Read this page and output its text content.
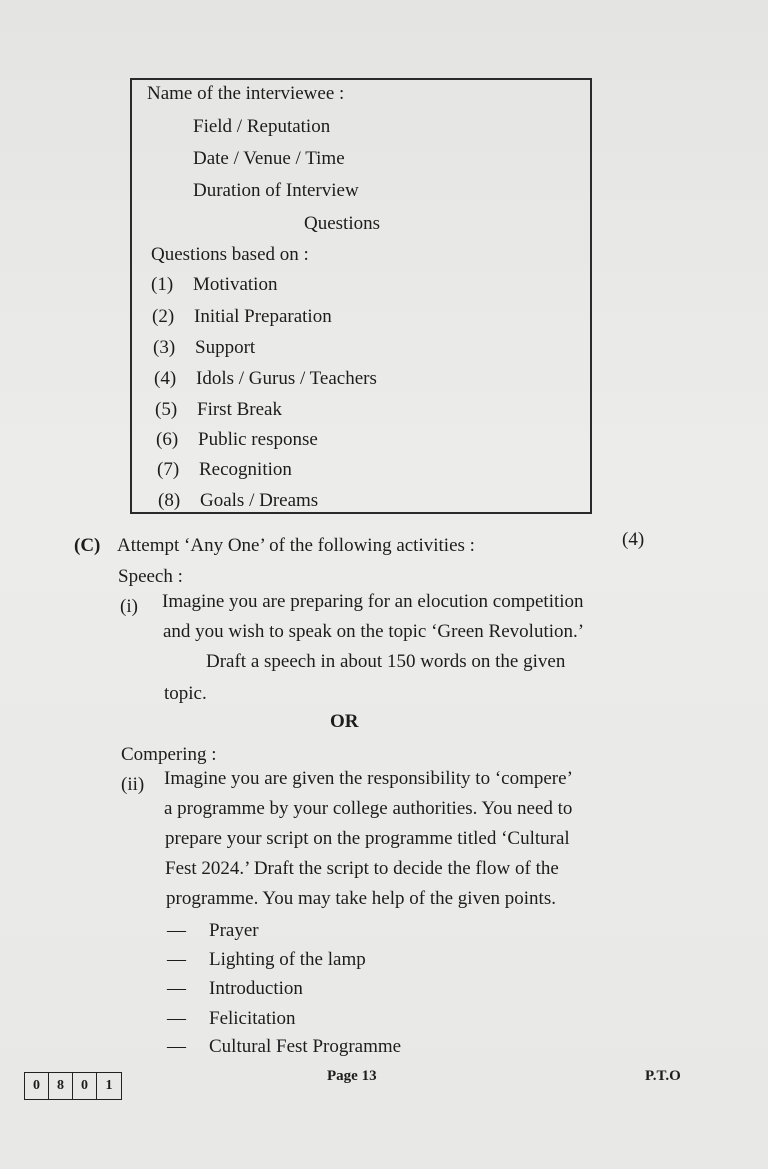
Name of the interviewee :
Field / Reputation
Date / Venue / Time
Duration of Interview
Questions
Questions based on :
(1) Motivation
(2) Initial Preparation
(3) Support
(4) Idols / Gurus / Teachers
(5) First Break
(6) Public response
(7) Recognition
(8) Goals / Dreams
(C) Attempt ‘Any One’ of the following activities :	(4)
Speech :
(i) Imagine you are preparing for an elocution competition
and you wish to speak on the topic ‘Green Revolution.’
Draft a speech in about 150 words on the given
topic.
OR
Compering :
(ii) Imagine you are given the responsibility to ‘compere’
a programme by your college authorities. You need to
prepare your script on the programme titled ‘Cultural
Fest 2024.’ Draft the script to decide the flow of the
programme. You may take help of the given points.
— Prayer
— Lighting of the lamp
— Introduction
— Felicitation
— Cultural Fest Programme
0	8	0	1
Page 13	P.T.O
